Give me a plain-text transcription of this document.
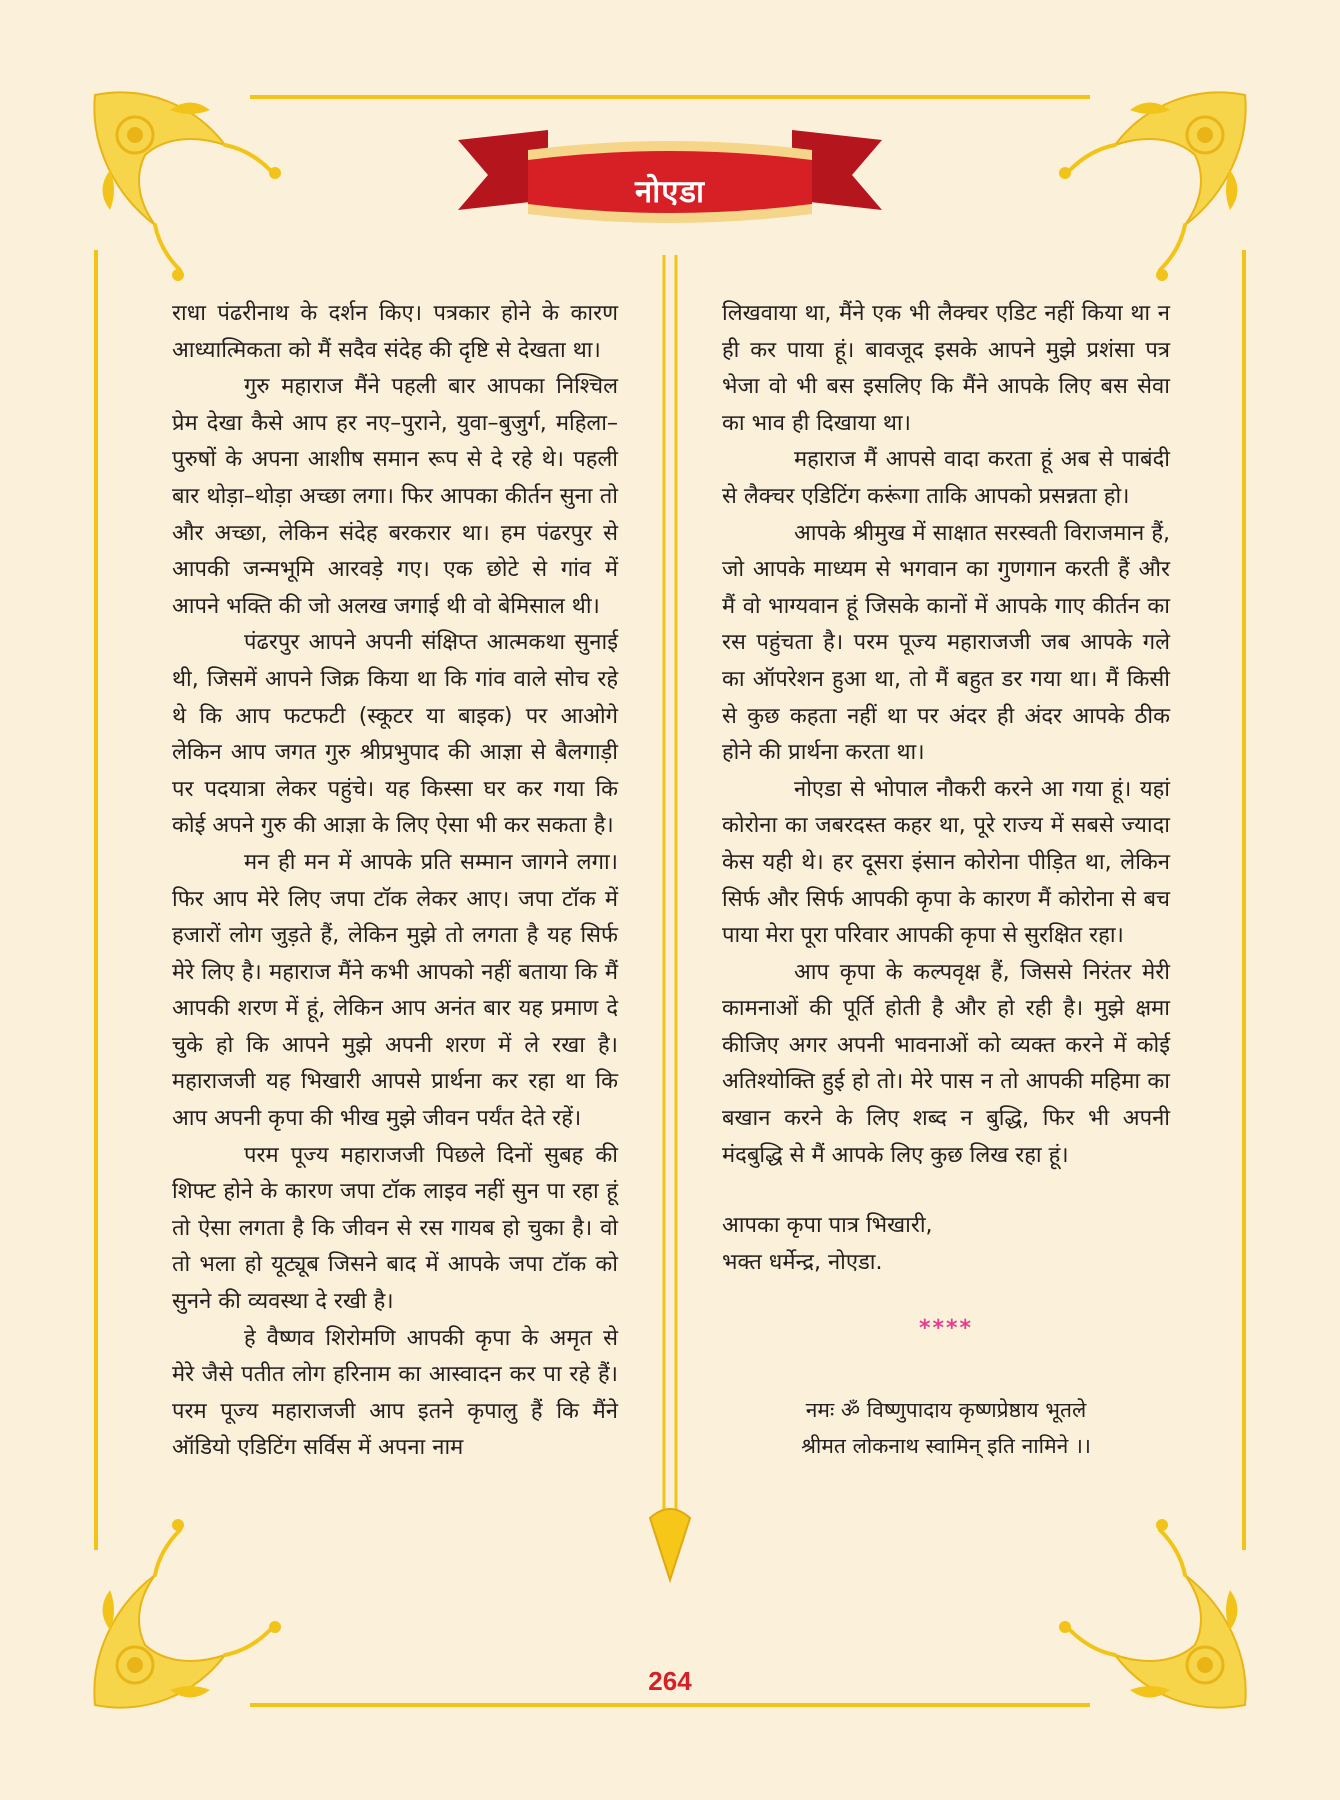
नोएडा

राधा पंढरीनाथ के दर्शन किए। पत्रकार होने के कारण आध्यात्मिकता को मैं सदैव संदेह की दृष्टि से देखता था।

गुरु महाराज मैंने पहली बार आपका निश्चिल प्रेम देखा कैसे आप हर नए–पुराने, युवा–बुजुर्ग, महिला–पुरुषों के अपना आशीष समान रूप से दे रहे थे। पहली बार थोड़ा–थोड़ा अच्छा लगा। फिर आपका कीर्तन सुना तो और अच्छा, लेकिन संदेह बरकरार था। हम पंढरपुर से आपकी जन्मभूमि आरवड़े गए। एक छोटे से गांव में आपने भक्ति की जो अलख जगाई थी वो बेमिसाल थी।

पंढरपुर आपने अपनी संक्षिप्त आत्मकथा सुनाई थी, जिसमें आपने जिक्र किया था कि गांव वाले सोच रहे थे कि आप फटफटी (स्कूटर या बाइक) पर आओगे लेकिन आप जगत गुरु श्रीप्रभुपाद की आज्ञा से बैलगाड़ी पर पदयात्रा लेकर पहुंचे। यह किस्सा घर कर गया कि कोई अपने गुरु की आज्ञा के लिए ऐसा भी कर सकता है।

मन ही मन में आपके प्रति सम्मान जागने लगा। फिर आप मेरे लिए जपा टॉक लेकर आए। जपा टॉक में हजारों लोग जुड़ते हैं, लेकिन मुझे तो लगता है यह सिर्फ मेरे लिए है। महाराज मैंने कभी आपको नहीं बताया कि मैं आपकी शरण में हूं, लेकिन आप अनंत बार यह प्रमाण दे चुके हो कि आपने मुझे अपनी शरण में ले रखा है। महाराजजी यह भिखारी आपसे प्रार्थना कर रहा था कि आप अपनी कृपा की भीख मुझे जीवन पर्यंत देते रहें।

परम पूज्य महाराजजी पिछले दिनों सुबह की शिफ्ट होने के कारण जपा टॉक लाइव नहीं सुन पा रहा हूं तो ऐसा लगता है कि जीवन से रस गायब हो चुका है। वो तो भला हो यूट्यूब जिसने बाद में आपके जपा टॉक को सुनने की व्यवस्था दे रखी है।

हे वैष्णव शिरोमणि आपकी कृपा के अमृत से मेरे जैसे पतीत लोग हरिनाम का आस्वादन कर पा रहे हैं। परम पूज्य महाराजजी आप इतने कृपालु हैं कि मैंने ऑडियो एडिटिंग सर्विस में अपना नाम

लिखवाया था, मैंने एक भी लैक्चर एडिट नहीं किया था न ही कर पाया हूं। बावजूद इसके आपने मुझे प्रशंसा पत्र भेजा वो भी बस इसलिए कि मैंने आपके लिए बस सेवा का भाव ही दिखाया था।

महाराज मैं आपसे वादा करता हूं अब से पाबंदी से लैक्चर एडिटिंग करूंगा ताकि आपको प्रसन्नता हो।

आपके श्रीमुख में साक्षात सरस्वती विराजमान हैं, जो आपके माध्यम से भगवान का गुणगान करती हैं और मैं वो भाग्यवान हूं जिसके कानों में आपके गाए कीर्तन का रस पहुंचता है। परम पूज्य महाराजजी जब आपके गले का ऑपरेशन हुआ था, तो मैं बहुत डर गया था। मैं किसी से कुछ कहता नहीं था पर अंदर ही अंदर आपके ठीक होने की प्रार्थना करता था।

नोएडा से भोपाल नौकरी करने आ गया हूं। यहां कोरोना का जबरदस्त कहर था, पूरे राज्य में सबसे ज्यादा केस यही थे। हर दूसरा इंसान कोरोना पीड़ित था, लेकिन सिर्फ और सिर्फ आपकी कृपा के कारण मैं कोरोना से बच पाया मेरा पूरा परिवार आपकी कृपा से सुरक्षित रहा।

आप कृपा के कल्पवृक्ष हैं, जिससे निरंतर मेरी कामनाओं की पूर्ति होती है और हो रही है। मुझे क्षमा कीजिए अगर अपनी भावनाओं को व्यक्त करने में कोई अतिश्योक्ति हुई हो तो। मेरे पास न तो आपकी महिमा का बखान करने के लिए शब्द न बुद्धि, फिर भी अपनी मंदबुद्धि से मैं आपके लिए कुछ लिख रहा हूं।

आपका कृपा पात्र भिखारी,
भक्त धर्मेन्द्र, नोएडा.

****

नमः ॐ विष्णुपादाय कृष्णप्रेष्ठाय भूतले
श्रीमत लोकनाथ स्वामिन् इति नामिने ।।

264
